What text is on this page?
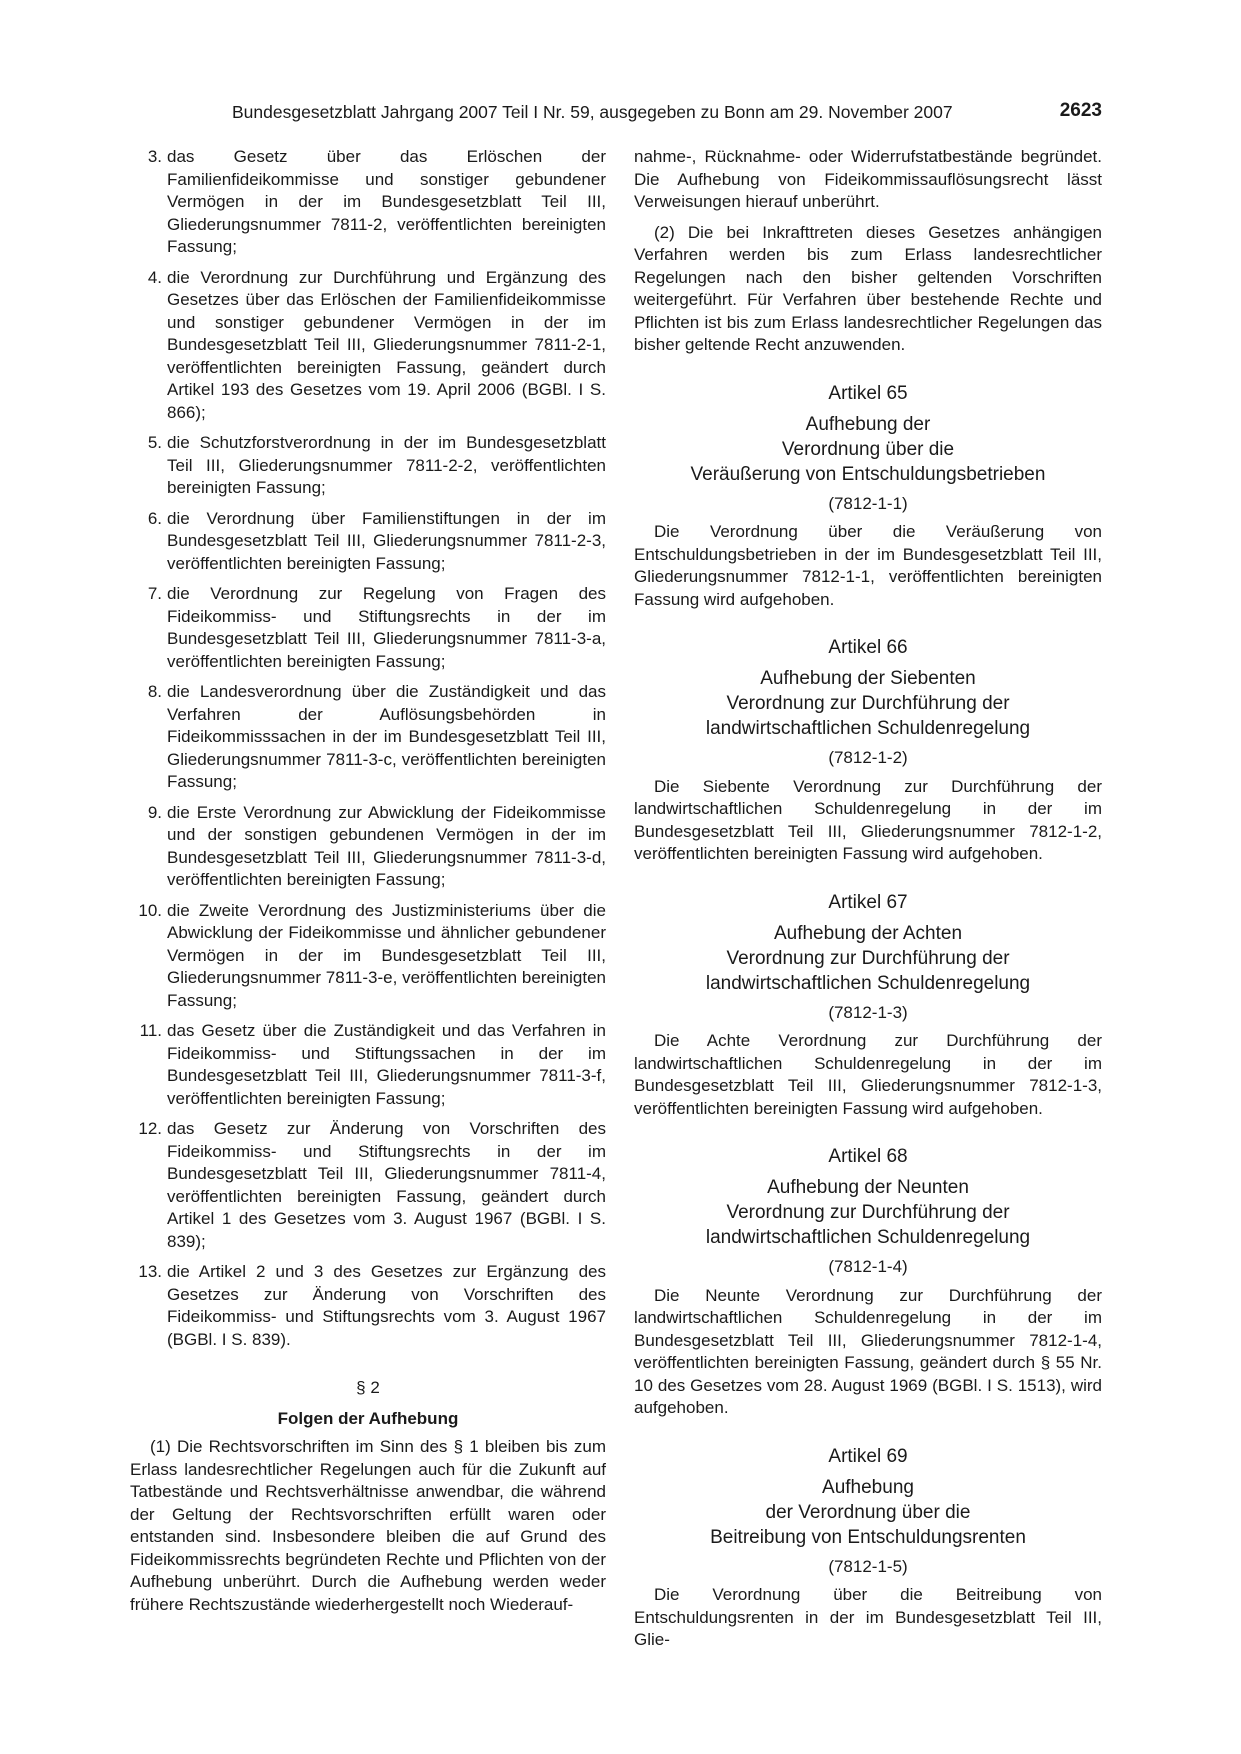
Bundesgesetzblatt Jahrgang 2007 Teil I Nr. 59, ausgegeben zu Bonn am 29. November 2007	2623
3. das Gesetz über das Erlöschen der Familienfideikommisse und sonstiger gebundener Vermögen in der im Bundesgesetzblatt Teil III, Gliederungsnummer 7811-2, veröffentlichten bereinigten Fassung;
4. die Verordnung zur Durchführung und Ergänzung des Gesetzes über das Erlöschen der Familienfideikommisse und sonstiger gebundener Vermögen in der im Bundesgesetzblatt Teil III, Gliederungsnummer 7811-2-1, veröffentlichten bereinigten Fassung, geändert durch Artikel 193 des Gesetzes vom 19. April 2006 (BGBl. I S. 866);
5. die Schutzforstverordnung in der im Bundesgesetzblatt Teil III, Gliederungsnummer 7811-2-2, veröffentlichten bereinigten Fassung;
6. die Verordnung über Familienstiftungen in der im Bundesgesetzblatt Teil III, Gliederungsnummer 7811-2-3, veröffentlichten bereinigten Fassung;
7. die Verordnung zur Regelung von Fragen des Fideikommiss- und Stiftungsrechts in der im Bundesgesetzblatt Teil III, Gliederungsnummer 7811-3-a, veröffentlichten bereinigten Fassung;
8. die Landesverordnung über die Zuständigkeit und das Verfahren der Auflösungsbehörden in Fideikommisssachen in der im Bundesgesetzblatt Teil III, Gliederungsnummer 7811-3-c, veröffentlichten bereinigten Fassung;
9. die Erste Verordnung zur Abwicklung der Fideikommisse und der sonstigen gebundenen Vermögen in der im Bundesgesetzblatt Teil III, Gliederungsnummer 7811-3-d, veröffentlichten bereinigten Fassung;
10. die Zweite Verordnung des Justizministeriums über die Abwicklung der Fideikommisse und ähnlicher gebundener Vermögen in der im Bundesgesetzblatt Teil III, Gliederungsnummer 7811-3-e, veröffentlichten bereinigten Fassung;
11. das Gesetz über die Zuständigkeit und das Verfahren in Fideikommiss- und Stiftungssachen in der im Bundesgesetzblatt Teil III, Gliederungsnummer 7811-3-f, veröffentlichten bereinigten Fassung;
12. das Gesetz zur Änderung von Vorschriften des Fideikommiss- und Stiftungsrechts in der im Bundesgesetzblatt Teil III, Gliederungsnummer 7811-4, veröffentlichten bereinigten Fassung, geändert durch Artikel 1 des Gesetzes vom 3. August 1967 (BGBl. I S. 839);
13. die Artikel 2 und 3 des Gesetzes zur Ergänzung des Gesetzes zur Änderung von Vorschriften des Fideikommiss- und Stiftungsrechts vom 3. August 1967 (BGBl. I S. 839).
§ 2
Folgen der Aufhebung

(1) Die Rechtsvorschriften im Sinn des § 1 bleiben bis zum Erlass landesrechtlicher Regelungen auch für die Zukunft auf Tatbestände und Rechtsverhältnisse anwendbar, die während der Geltung der Rechtsvorschriften erfüllt waren oder entstanden sind. Insbesondere bleiben die auf Grund des Fideikommissrechts begründeten Rechte und Pflichten von der Aufhebung unberührt. Durch die Aufhebung werden weder frühere Rechtszustände wiederhergestellt noch Wiederauf-

nahme-, Rücknahme- oder Widerrufstatbestände begründet. Die Aufhebung von Fideikommissauflösungsrecht lässt Verweisungen hierauf unberührt.

(2) Die bei Inkrafttreten dieses Gesetzes anhängigen Verfahren werden bis zum Erlass landesrechtlicher Regelungen nach den bisher geltenden Vorschriften weitergeführt. Für Verfahren über bestehende Rechte und Pflichten ist bis zum Erlass landesrechtlicher Regelungen das bisher geltende Recht anzuwenden.

Artikel 65
Aufhebung der
Verordnung über die
Veräußerung von Entschuldungsbetrieben
(7812-1-1)

Die Verordnung über die Veräußerung von Entschuldungsbetrieben in der im Bundesgesetzblatt Teil III, Gliederungsnummer 7812-1-1, veröffentlichten bereinigten Fassung wird aufgehoben.

Artikel 66
Aufhebung der Siebenten
Verordnung zur Durchführung der
landwirtschaftlichen Schuldenregelung
(7812-1-2)

Die Siebente Verordnung zur Durchführung der landwirtschaftlichen Schuldenregelung in der im Bundesgesetzblatt Teil III, Gliederungsnummer 7812-1-2, veröffentlichten bereinigten Fassung wird aufgehoben.

Artikel 67
Aufhebung der Achten
Verordnung zur Durchführung der
landwirtschaftlichen Schuldenregelung
(7812-1-3)

Die Achte Verordnung zur Durchführung der landwirtschaftlichen Schuldenregelung in der im Bundesgesetzblatt Teil III, Gliederungsnummer 7812-1-3, veröffentlichten bereinigten Fassung wird aufgehoben.

Artikel 68
Aufhebung der Neunten
Verordnung zur Durchführung der
landwirtschaftlichen Schuldenregelung
(7812-1-4)

Die Neunte Verordnung zur Durchführung der landwirtschaftlichen Schuldenregelung in der im Bundesgesetzblatt Teil III, Gliederungsnummer 7812-1-4, veröffentlichten bereinigten Fassung, geändert durch § 55 Nr. 10 des Gesetzes vom 28. August 1969 (BGBl. I S. 1513), wird aufgehoben.

Artikel 69
Aufhebung
der Verordnung über die
Beitreibung von Entschuldungsrenten
(7812-1-5)

Die Verordnung über die Beitreibung von Entschuldungsrenten in der im Bundesgesetzblatt Teil III, Glie-
